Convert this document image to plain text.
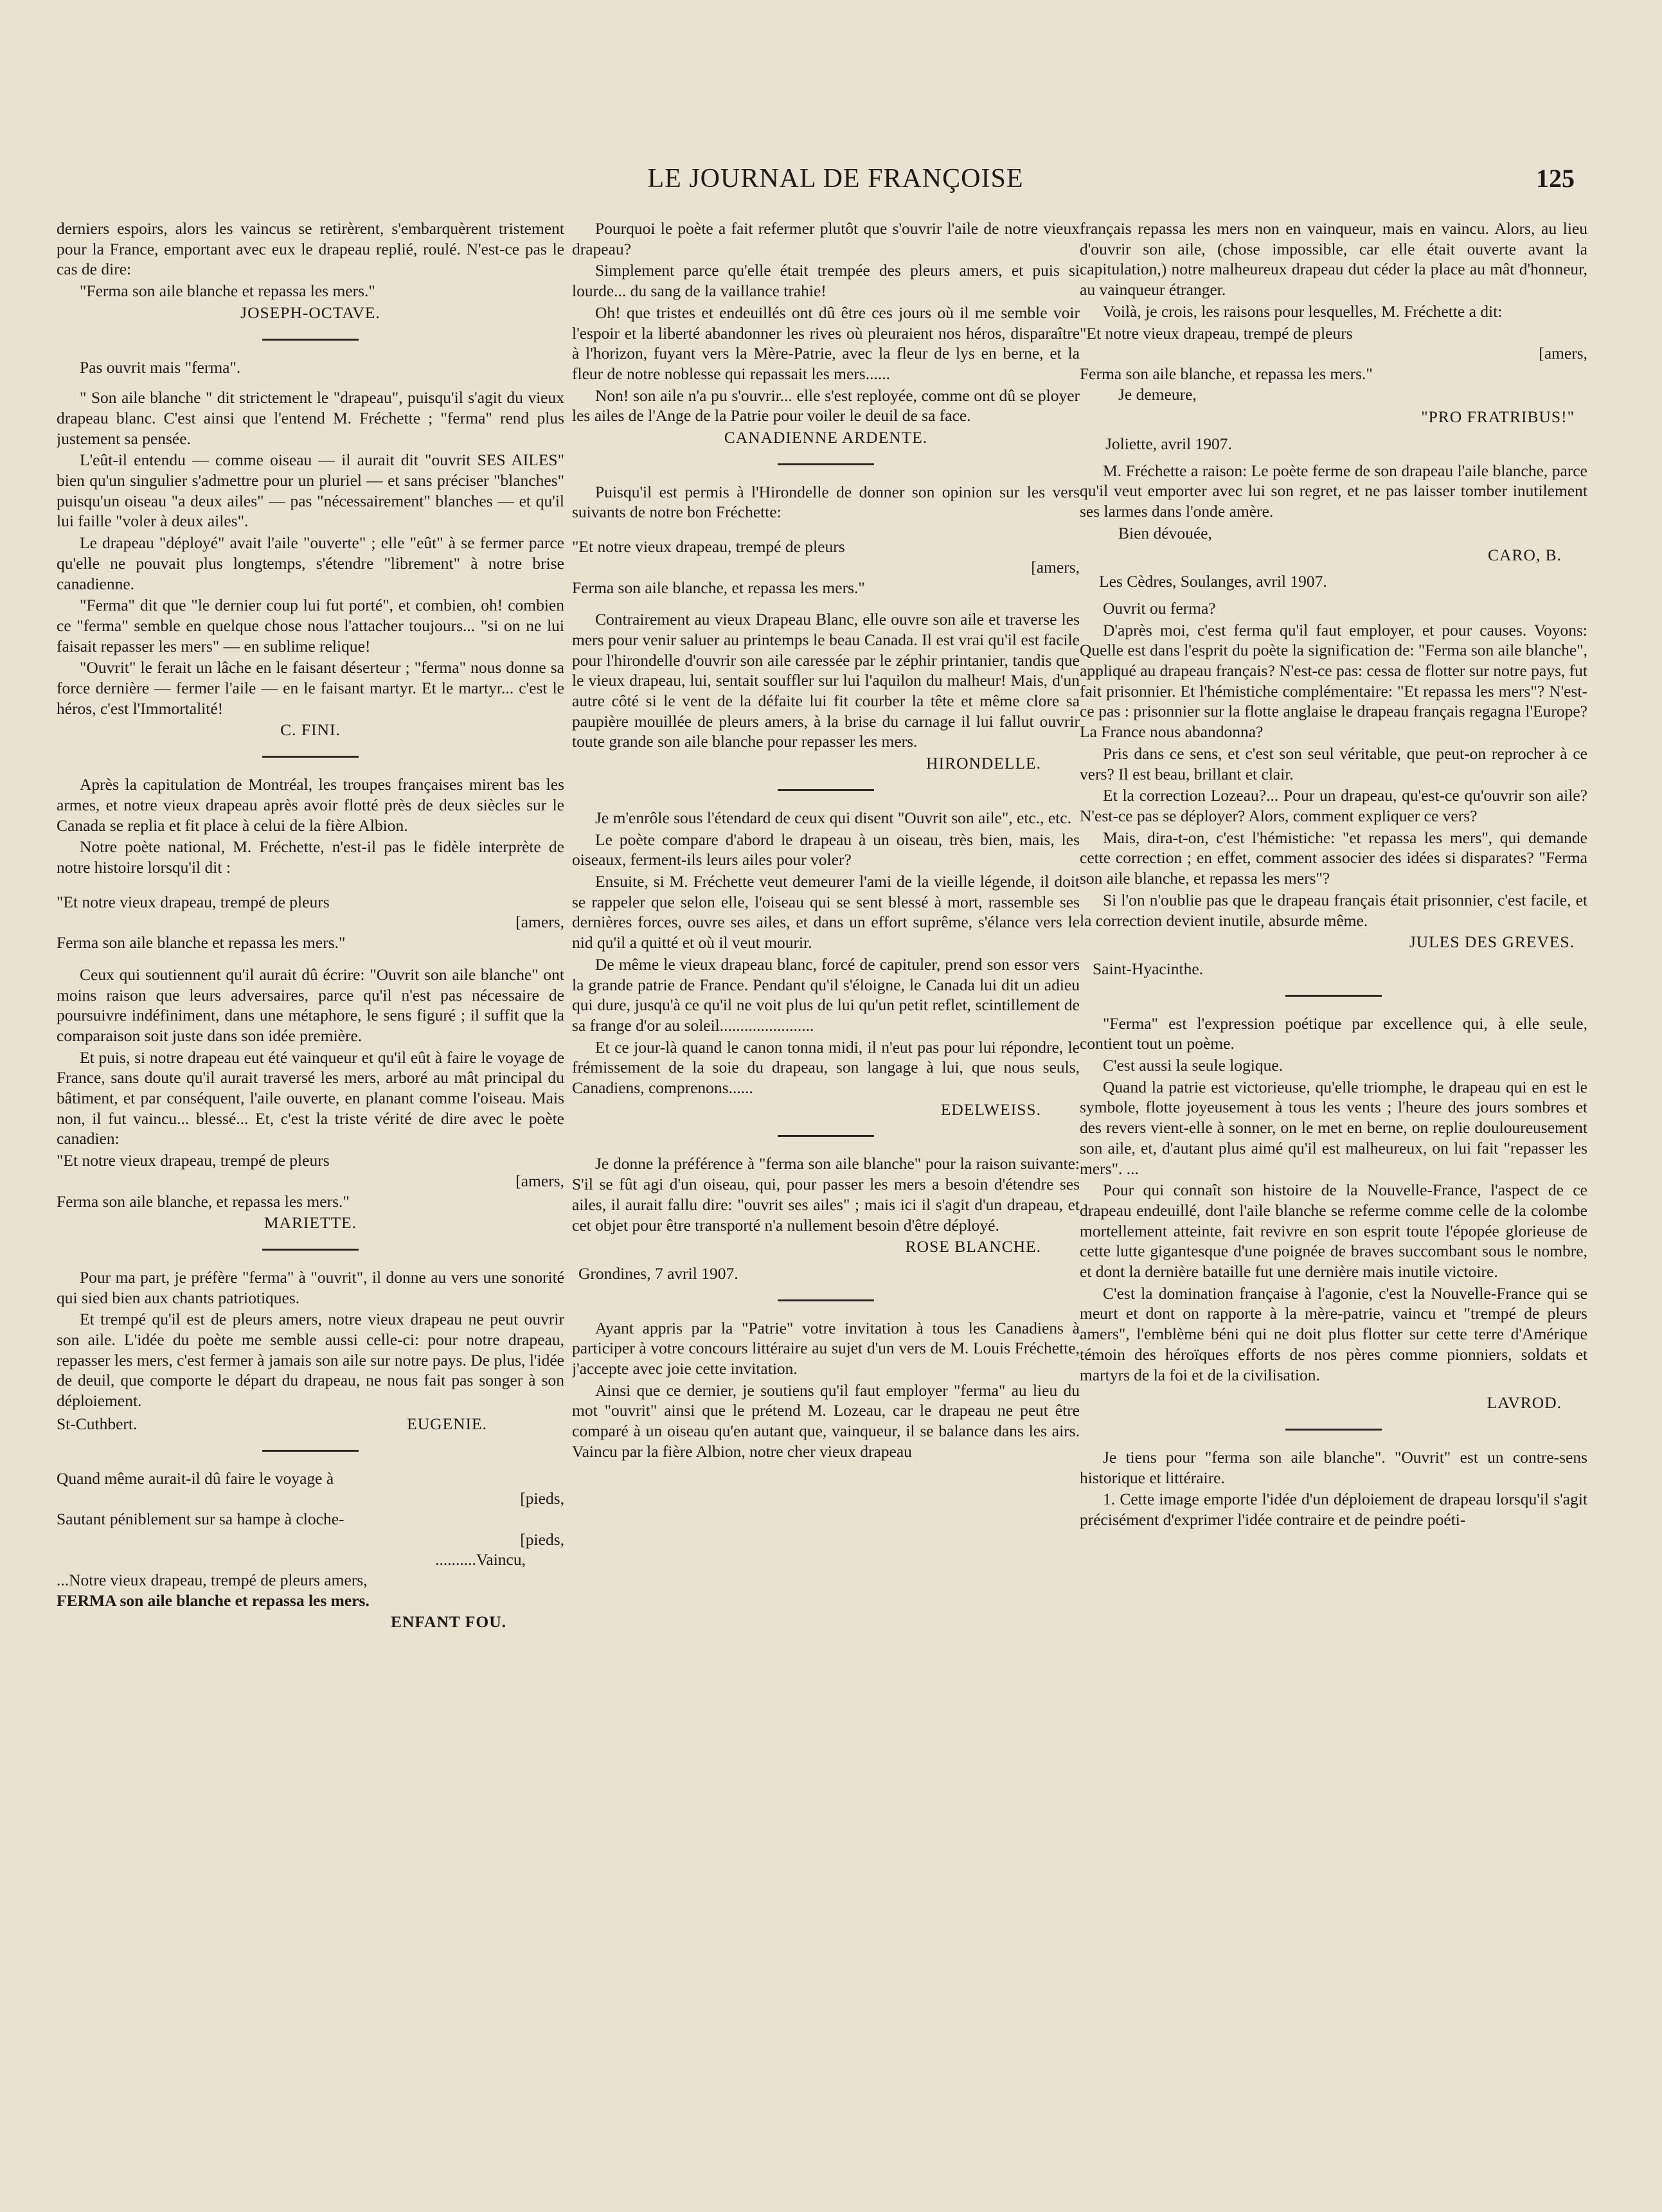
LE JOURNAL DE FRANÇOISE	125

derniers espoirs, alors les vaincus se retirèrent, s'embarquèrent tristement pour la France, emportant avec eux le drapeau replié, roulé. N'est-ce pas le cas de dire:

"Ferma son aile blanche et repassa les mers."

JOSEPH-OCTAVE.

Pas ouvrit mais "ferma".

" Son aile blanche " dit strictement le "drapeau", puisqu'il s'agit du vieux drapeau blanc. C'est ainsi que l'entend M. Fréchette ; "ferma" rend plus justement sa pensée.

L'eût-il entendu — comme oiseau — il aurait dit "ouvrit SES AILES" bien qu'un singulier s'admettre pour un pluriel — et sans préciser "blanches" puisqu'un oiseau "a deux ailes" — pas "nécessairement" blanches — et qu'il lui faille "voler à deux ailes".

Le drapeau "déployé" avait l'aile "ouverte" ; elle "eût" à se fermer parce qu'elle ne pouvait plus longtemps, s'étendre "librement" à notre brise canadienne.

"Ferma" dit que "le dernier coup lui fut porté", et combien, oh! combien ce "ferma" semble en quelque chose nous l'attacher toujours... "si on ne lui faisait repasser les mers" — en sublime relique!

"Ouvrit" le ferait un lâche en le faisant déserteur ; "ferma" nous donne sa force dernière — fermer l'aile — en le faisant martyr. Et le martyr... c'est le héros, c'est l'Immortalité!

C. FINI.

Après la capitulation de Montréal, les troupes françaises mirent bas les armes, et notre vieux drapeau après avoir flotté près de deux siècles sur le Canada se replia et fit place à celui de la fière Albion.

Notre poète national, M. Fréchette, n'est-il pas le fidèle interprète de notre histoire lorsqu'il dit :

"Et notre vieux drapeau, trempé de pleurs
[amers,
Ferma son aile blanche et repassa les mers."

Ceux qui soutiennent qu'il aurait dû écrire: "Ouvrit son aile blanche" ont moins raison que leurs adversaires, parce qu'il n'est pas nécessaire de poursuivre indéfiniment, dans une métaphore, le sens figuré ; il suffit que la comparaison soit juste dans son idée première.

Et puis, si notre drapeau eut été vainqueur et qu'il eût à faire le voyage de France, sans doute qu'il aurait traversé les mers, arboré au mât principal du bâtiment, et par conséquent, l'aile ouverte, en planant comme l'oiseau. Mais non, il fut vaincu... blessé... Et, c'est la triste vérité de dire avec le poète canadien:

"Et notre vieux drapeau, trempé de pleurs
[amers,
Ferma son aile blanche, et repassa les mers."
MARIETTE.

Pour ma part, je préfère "ferma" à "ouvrit", il donne au vers une sonorité qui sied bien aux chants patriotiques.

Et trempé qu'il est de pleurs amers, notre vieux drapeau ne peut ouvrir son aile. L'idée du poète me semble aussi celle-ci: pour notre drapeau, repasser les mers, c'est fermer à jamais son aile sur notre pays. De plus, l'idée de deuil, que comporte le départ du drapeau, ne nous fait pas songer à son déploiement.

St-Cuthbert.	EUGENIE.
Quand même aurait-il dû faire le voyage à
[pieds,
Sautant péniblement sur sa hampe à cloche-
[pieds,
..........Vaincu,
...Notre vieux drapeau, trempé de pleurs amers,
FERMA son aile blanche et repassa les mers.
ENFANT FOU.

Pourquoi le poète a fait refermer plutôt que s'ouvrir l'aile de notre vieux drapeau?

Simplement parce qu'elle était trempée des pleurs amers, et puis si lourde... du sang de la vaillance trahie!

Oh! que tristes et endeuillés ont dû être ces jours où il me semble voir l'espoir et la liberté abandonner les rives où pleuraient nos héros, disparaître à l'horizon, fuyant vers la Mère-Patrie, avec la fleur de lys en berne, et la fleur de notre noblesse qui repassait les mers......

Non! son aile n'a pu s'ouvrir... elle s'est reployée, comme ont dû se ployer les ailes de l'Ange de la Patrie pour voiler le deuil de sa face.

CANADIENNE ARDENTE.

Puisqu'il est permis à l'Hirondelle de donner son opinion sur les vers suivants de notre bon Fréchette:

"Et notre vieux drapeau, trempé de pleurs
[amers,
Ferma son aile blanche, et repassa les mers."

Contrairement au vieux Drapeau Blanc, elle ouvre son aile et traverse les mers pour venir saluer au printemps le beau Canada. Il est vrai qu'il est facile pour l'hirondelle d'ouvrir son aile caressée par le zéphir printanier, tandis que le vieux drapeau, lui, sentait souffler sur lui l'aquilon du malheur! Mais, d'un autre côté si le vent de la défaite lui fit courber la tête et même clore sa paupière mouillée de pleurs amers, à la brise du carnage il lui fallut ouvrir toute grande son aile blanche pour repasser les mers.

HIRONDELLE.

Je m'enrôle sous l'étendard de ceux qui disent "Ouvrit son aile", etc., etc.

Le poète compare d'abord le drapeau à un oiseau, très bien, mais, les oiseaux, ferment-ils leurs ailes pour voler?

Ensuite, si M. Fréchette veut demeurer l'ami de la vieille légende, il doit se rappeler que selon elle, l'oiseau qui se sent blessé à mort, rassemble ses dernières forces, ouvre ses ailes, et dans un effort suprême, s'élance vers le nid qu'il a quitté et où il veut mourir.

De même le vieux drapeau blanc, forcé de capituler, prend son essor vers la grande patrie de France. Pendant qu'il s'éloigne, le Canada lui dit un adieu qui dure, jusqu'à ce qu'il ne voit plus de lui qu'un petit reflet, scintillement de sa frange d'or au soleil.......................

Et ce jour-là quand le canon tonna midi, il n'eut pas pour lui répondre, le frémissement de la soie du drapeau, son langage à lui, que nous seuls, Canadiens, comprenons......

EDELWEISS.

Je donne la préférence à "ferma son aile blanche" pour la raison suivante: S'il se fût agi d'un oiseau, qui, pour passer les mers a besoin d'étendre ses ailes, il aurait fallu dire: "ouvrit ses ailes" ; mais ici il s'agit d'un drapeau, et cet objet pour être transporté n'a nullement besoin d'être déployé.

ROSE BLANCHE.
Grondines, 7 avril 1907.

Ayant appris par la "Patrie" votre invitation à tous les Canadiens à participer à votre concours littéraire au sujet d'un vers de M. Louis Fréchette, j'accepte avec joie cette invitation.

Ainsi que ce dernier, je soutiens qu'il faut employer "ferma" au lieu du mot "ouvrit" ainsi que le prétend M. Lozeau, car le drapeau ne peut être comparé à un oiseau qu'en autant que, vainqueur, il se balance dans les airs. Vaincu par la fière Albion, notre cher vieux drapeau

français repassa les mers non en vainqueur, mais en vaincu. Alors, au lieu d'ouvrir son aile, (chose impossible, car elle était ouverte avant la capitulation,) notre malheureux drapeau dut céder la place au mât d'honneur, au vainqueur étranger.

Voilà, je crois, les raisons pour lesquelles, M. Fréchette a dit:

"Et notre vieux drapeau, trempé de pleurs
[amers,
Ferma son aile blanche, et repassa les mers."

Je demeure,

"PRO FRATRIBUS!"
Joliette, avril 1907.

M. Fréchette a raison: Le poète ferme de son drapeau l'aile blanche, parce qu'il veut emporter avec lui son regret, et ne pas laisser tomber inutilement ses larmes dans l'onde amère.

Bien dévouée,

CARO, B.
Les Cèdres, Soulanges, avril 1907.

Ouvrit ou ferma?

D'après moi, c'est ferma qu'il faut employer, et pour causes. Voyons: Quelle est dans l'esprit du poète la signification de: "Ferma son aile blanche", appliqué au drapeau français? N'est-ce pas: cessa de flotter sur notre pays, fut fait prisonnier. Et l'hémistiche complémentaire: "Et repassa les mers"? N'est-ce pas : prisonnier sur la flotte anglaise le drapeau français regagna l'Europe? La France nous abandonna?

Pris dans ce sens, et c'est son seul véritable, que peut-on reprocher à ce vers? Il est beau, brillant et clair.

Et la correction Lozeau?... Pour un drapeau, qu'est-ce qu'ouvrir son aile? N'est-ce pas se déployer? Alors, comment expliquer ce vers?

Mais, dira-t-on, c'est l'hémistiche: "et repassa les mers", qui demande cette correction ; en effet, comment associer des idées si disparates? "Ferma son aile blanche, et repassa les mers"?

Si l'on n'oublie pas que le drapeau français était prisonnier, c'est facile, et la correction devient inutile, absurde même.

JULES DES GREVES.
Saint-Hyacinthe.

"Ferma" est l'expression poétique par excellence qui, à elle seule, contient tout un poème.

C'est aussi la seule logique.

Quand la patrie est victorieuse, qu'elle triomphe, le drapeau qui en est le symbole, flotte joyeusement à tous les vents ; l'heure des jours sombres et des revers vient-elle à sonner, on le met en berne, on replie douloureusement son aile, et, d'autant plus aimé qu'il est malheureux, on lui fait "repasser les mers". ...

Pour qui connaît son histoire de la Nouvelle-France, l'aspect de ce drapeau endeuillé, dont l'aile blanche se referme comme celle de la colombe mortellement atteinte, fait revivre en son esprit toute l'épopée glorieuse de cette lutte gigantesque d'une poignée de braves succombant sous le nombre, et dont la dernière bataille fut une dernière mais inutile victoire.

C'est la domination française à l'agonie, c'est la Nouvelle-France qui se meurt et dont on rapporte à la mère-patrie, vaincu et "trempé de pleurs amers", l'emblème béni qui ne doit plus flotter sur cette terre d'Amérique témoin des héroïques efforts de nos pères comme pionniers, soldats et martyrs de la foi et de la civilisation.

LAVROD.

Je tiens pour "ferma son aile blanche". "Ouvrit" est un contre-sens historique et littéraire.

1. Cette image emporte l'idée d'un déploiement de drapeau lorsqu'il s'agit précisément d'exprimer l'idée contraire et de peindre poéti-
